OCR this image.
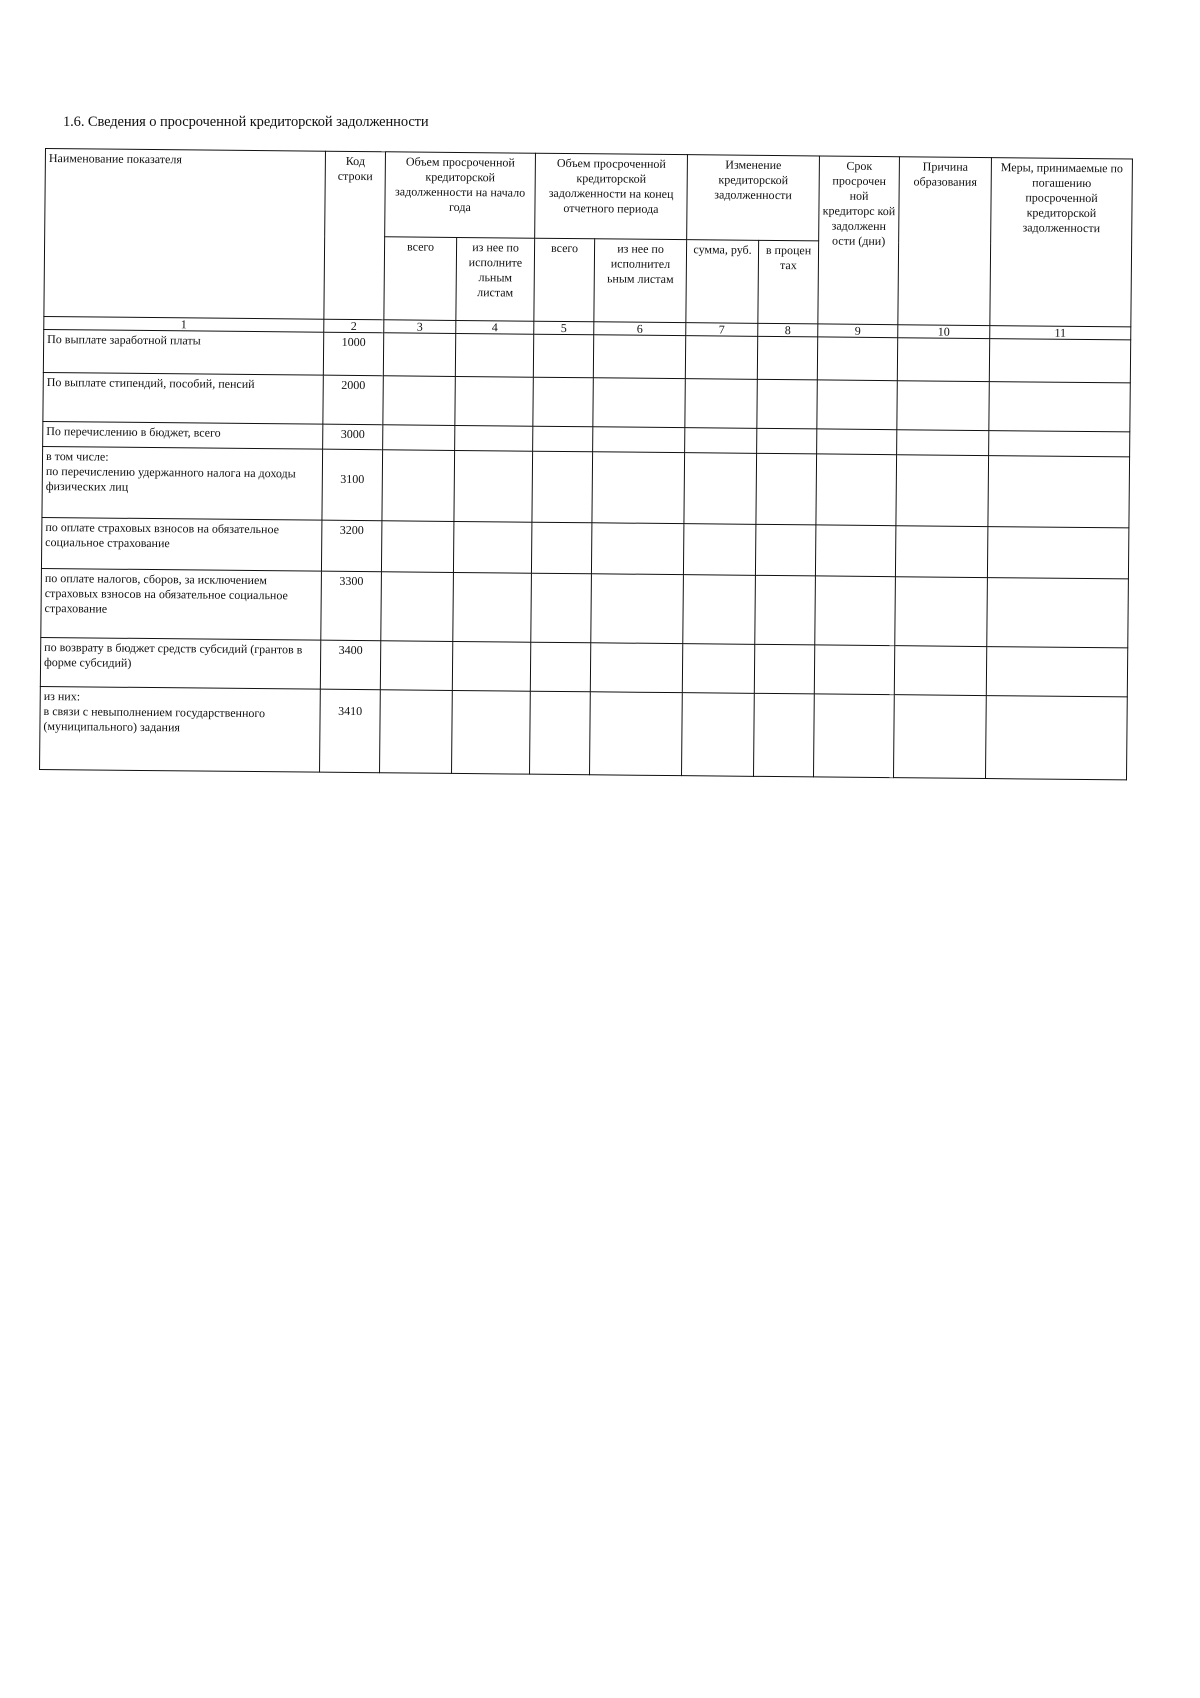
1.6. Сведения о просроченной кредиторской задолженности
Наименование показателя	Код строки	Объем просроченной кредиторской задолженности на начало года		Объем просроченной кредиторской задолженности на конец отчетного периода		Изменение кредиторской задолженности		Срок просрочен ной кредиторс кой задолженн ости (дни)	Причина образования	Меры, принимаемые по погашению просроченной кредиторской задолженности
		всего	из нее по исполните льным листам	всего	из нее по исполнител ьным листам	сумма, руб.	в процен тах			
1	2	3	4	5	6	7	8	9	10	11
По выплате заработной платы	1000									
По выплате стипендий, пособий, пенсий	2000									
По перечислению в бюджет, всего	3000									
в том числе:
по перечислению удержанного налога на доходы физических лиц	3100									
по оплате страховых взносов на обязательное социальное страхование	3200									
по оплате налогов, сборов, за исключением страховых взносов на обязательное социальное страхование	3300									
по возврату в бюджет средств субсидий (грантов в форме субсидий)	3400									
из них:
в связи с невыполнением государственного (муниципального) задания	3410									
